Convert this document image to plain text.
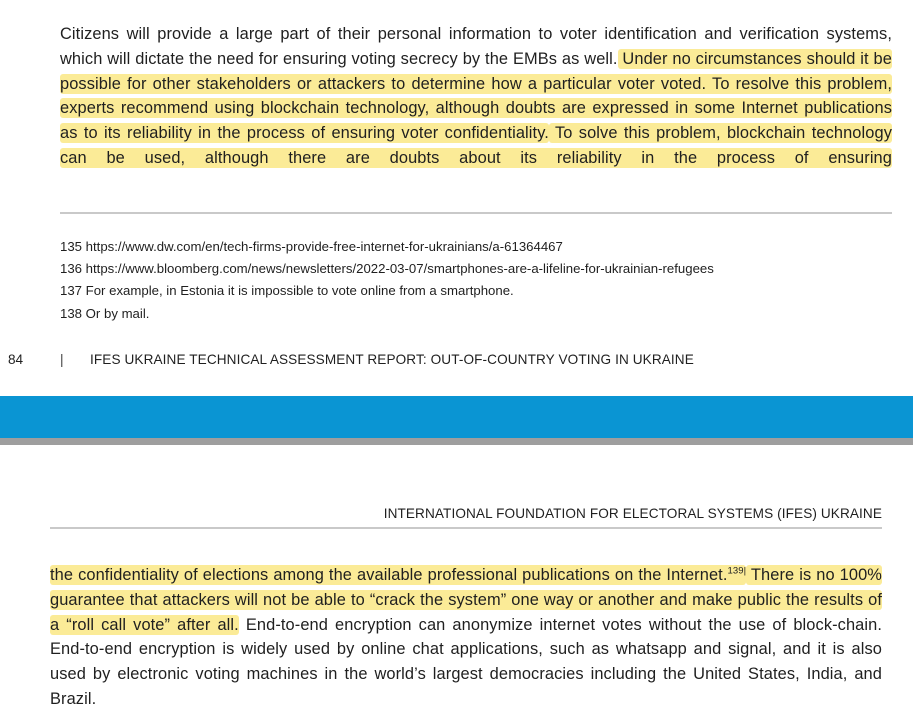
Citizens will provide a large part of their personal information to voter identification and verification systems, which will dictate the need for ensuring voting secrecy by the EMBs as well. Under no circumstances should it be possible for other stakeholders or attackers to determine how a particular voter voted. To resolve this problem, experts recommend using blockchain technology, although doubts are expressed in some Internet publications as to its reliability in the process of ensuring voter confidentiality. To solve this problem, blockchain technology can be used, although there are doubts about its reliability in the process of ensuring

135 https://www.dw.com/en/tech-firms-provide-free-internet-for-ukrainians/a-61364467
136 https://www.bloomberg.com/news/newsletters/2022-03-07/smartphones-are-a-lifeline-for-ukrainian-refugees
137 For example, in Estonia it is impossible to vote online from a smartphone.
138 Or by mail.
84	| IFES UKRAINE TECHNICAL ASSESSMENT REPORT: OUT-OF-COUNTRY VOTING IN UKRAINE
INTERNATIONAL FOUNDATION FOR ELECTORAL SYSTEMS (IFES) UKRAINE

the confidentiality of elections among the available professional publications on the Internet.$^{139|}$ There is no 100% guarantee that attackers will not be able to “crack the system” one way or another and make public the results of a “roll call vote” after all. End-to-end encryption can anonymize internet votes without the use of block-chain. End-to-end encryption is widely used by online chat applications, such as whatsapp and signal, and it is also used by electronic voting machines in the world’s largest democracies including the United States, India, and Brazil.
